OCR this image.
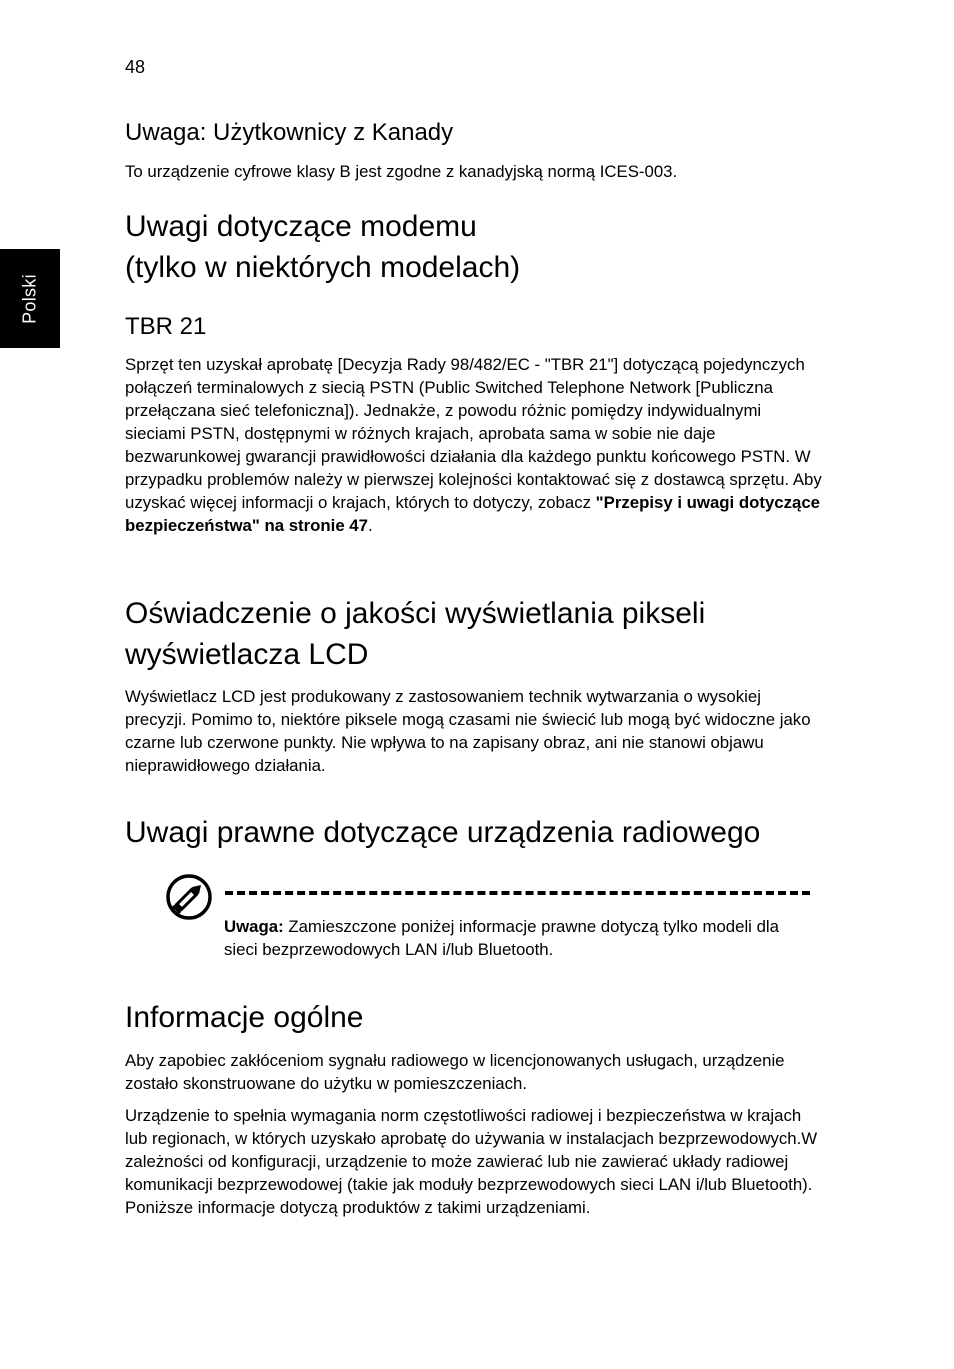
48
Polski
Uwaga: Użytkownicy z Kanady

To urządzenie cyfrowe klasy B jest zgodne z kanadyjską normą ICES-003.

Uwagi dotyczące modemu
(tylko w niektórych modelach)
TBR 21

Sprzęt ten uzyskał aprobatę [Decyzja Rady 98/482/EC - "TBR 21"] dotyczącą pojedynczych połączeń terminalowych z siecią PSTN (Public Switched Telephone Network [Publiczna przełączana sieć telefoniczna]). Jednakże, z powodu różnic pomiędzy indywidualnymi sieciami PSTN, dostępnymi w różnych krajach, aprobata sama w sobie nie daje bezwarunkowej gwarancji prawidłowości działania dla każdego punktu końcowego PSTN. W przypadku problemów należy w pierwszej kolejności kontaktować się z dostawcą sprzętu. Aby uzyskać więcej informacji o krajach, których to dotyczy, zobacz "Przepisy i uwagi dotyczące bezpieczeństwa" na stronie 47.

Oświadczenie o jakości wyświetlania pikseli wyświetlacza LCD

Wyświetlacz LCD jest produkowany z zastosowaniem technik wytwarzania o wysokiej precyzji. Pomimo to, niektóre piksele mogą czasami nie świecić lub mogą być widoczne jako czarne lub czerwone punkty. Nie wpływa to na zapisany obraz, ani nie stanowi objawu nieprawidłowego działania.

Uwagi prawne dotyczące urządzenia radiowego

Uwaga: Zamieszczone poniżej informacje prawne dotyczą tylko modeli dla sieci bezprzewodowych LAN i/lub Bluetooth.

Informacje ogólne

Aby zapobiec zakłóceniom sygnału radiowego w licencjonowanych usługach, urządzenie zostało skonstruowane do użytku w pomieszczeniach.

Urządzenie to spełnia wymagania norm częstotliwości radiowej i bezpieczeństwa w krajach lub regionach, w których uzyskało aprobatę do używania w instalacjach bezprzewodowych.W zależności od konfiguracji, urządzenie to może zawierać lub nie zawierać układy radiowej komunikacji bezprzewodowej (takie jak moduły bezprzewodowych sieci LAN i/lub Bluetooth). Poniższe informacje dotyczą produktów z takimi urządzeniami.
